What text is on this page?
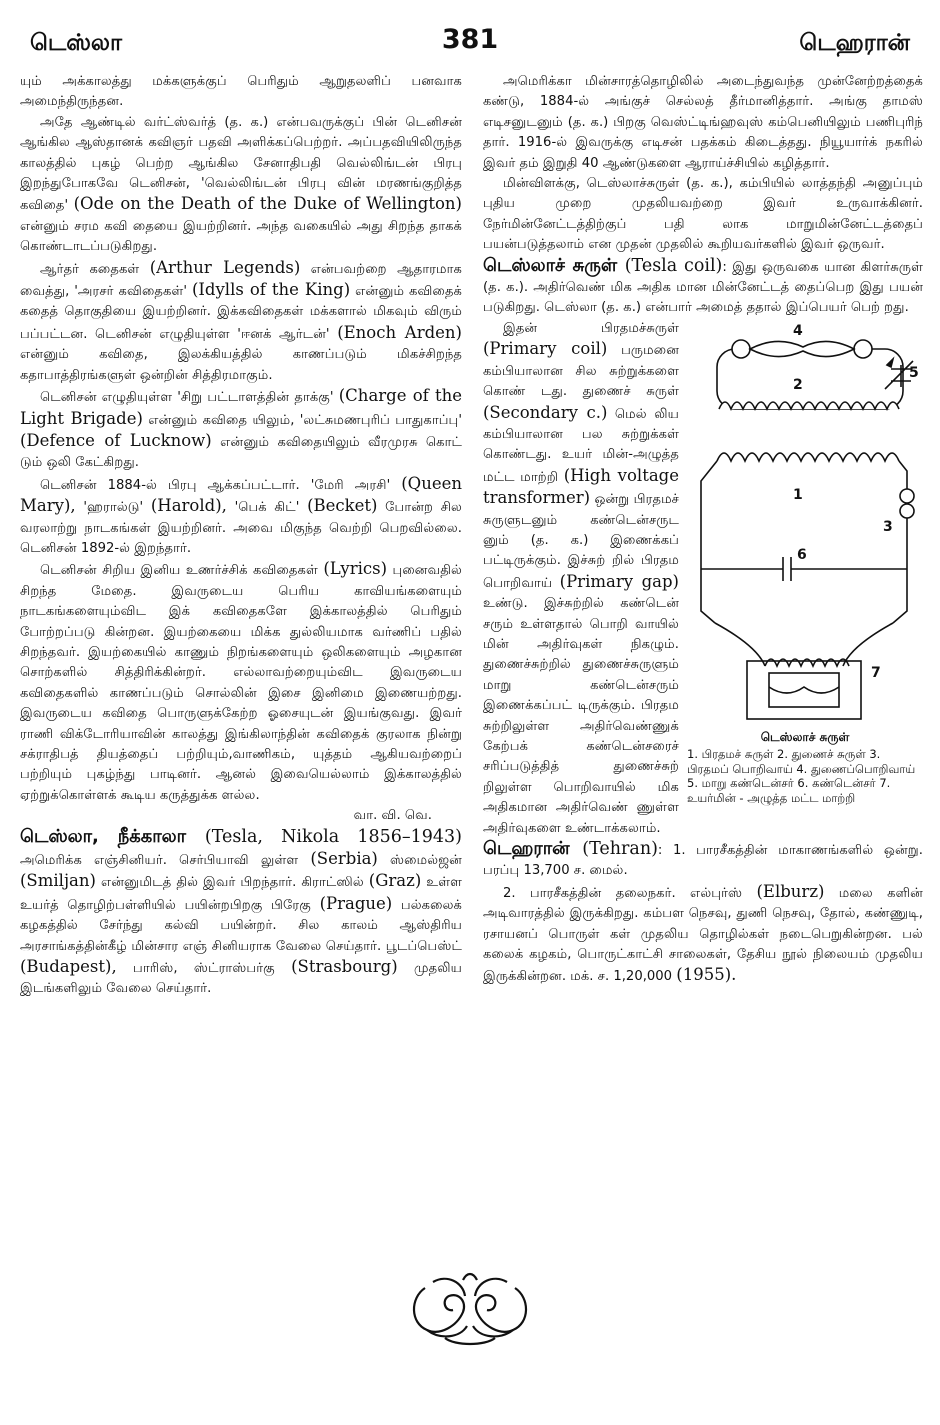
டெஸ்லா	381	டெஹரான்

யும் அக்காலத்து மக்களுக்குப் பெரிதும் ஆறுதலளிப் பனவாக அமைந்திருந்தன.

அதே ஆண்டில் வர்ட்ஸ்வர்த் (த. க.) என்பவருக்குப் பின் டெனிசன் ஆங்கில ஆஸ்தானக் கவிஞர் பதவி அளிக்கப்பெற்றர். அப்பதவியிலிருந்த காலத்தில் புகழ் பெற்ற ஆங்கில சேனாதிபதி வெல்லிங்டன் பிரபு இறந்துபோகவே டெனிசன், 'வெல்லிங்டன் பிரபு வின் மரணங்குறித்த கவிதை' (Ode on the Death of the Duke of Wellington) என்னும் சரம கவி தையை இயற்றினர். அந்த வகையில் அது சிறந்த தாகக் கொண்டாடப்படுகிறது.

ஆர்தர் கதைகள் (Arthur Legends) என்பவற்றை ஆதாரமாக வைத்து, 'அரசர் கவிதைகள்' (Idylls of the King) என்னும் கவிதைக் கதைத் தொகுதியை இயற்றினர். இக்கவிதைகள் மக்களால் மிகவும் விரும் பப்பட்டன. டெனிசன் எழுதியுள்ள 'ஈனக் ஆர்டன்' (Enoch Arden) என்னும் கவிதை, இலக்கியத்தில் காணப்படும் மிகச்சிறந்த கதாபாத்திரங்களுள் ஒன்றின் சித்திரமாகும்.

டெனிசன் எழுதியுள்ள 'சிறு பட்டாளத்தின் தாக்கு' (Charge of the Light Brigade) என்னும் கவிதை யிலும், 'லட்சுமணபுரிப் பாதுகாப்பு' (Defence of Lucknow) என்னும் கவிதையிலும் வீரமுரசு கொட் டும் ஒலி கேட்கிறது.

டெனிசன் 1884-ல் பிரபு ஆக்கப்பட்டார். 'மேரி அரசி' (Queen Mary), 'ஹரால்டு' (Harold), 'பெக் கிட்' (Becket) போன்ற சில வரலாற்று நாடகங்கள் இயற்றினர். அவை மிகுந்த வெற்றி பெறவில்லை. டெனிசன் 1892-ல் இறந்தார்.

டெனிசன் சிறிய இனிய உணர்ச்சிக் கவிதைகள் (Lyrics) புனைவதில் சிறந்த மேதை. இவருடைய பெரிய காவியங்களையும் நாடகங்களையும்விட இக் கவிதைகளே இக்காலத்தில் பெரிதும் போற்றப்படு கின்றன. இயற்கையை மிக்க துல்லியமாக வர்ணிப் பதில் சிறந்தவர். இயற்கையில் காணும் நிறங்களையும் ஒலிகளையும் அழகான சொற்களில் சித்திரிக்கின்றர். எல்லாவற்றையும்விட இவருடைய கவிதைகளில் காணப்படும் சொல்லின் இசை இனிமை இணையற்றது. இவருடைய கவிதை பொருளுக்கேற்ற ஓசையுடன் இயங்குவது. இவர் ராணி விக்டோரியாவின் காலத்து இங்கிலாந்தின் கவிதைக் குரலாக நின்று சக்ராதிபத் தியத்தைப் பற்றியும்,வாணிகம், யுத்தம் ஆகியவற்றைப் பற்றியும் புகழ்ந்து பாடினர். ஆனல் இவையெல்லாம் இக்காலத்தில் ஏற்றுக்கொள்ளக் கூடிய கருத்துக்க ளல்ல.

வா. வி. வெ.

டெஸ்லா, நீக்காலா (Tesla, Nikola 1856–1943) அமெரிக்க எஞ்சினியர். செர்பியாவி லுள்ள (Serbia) ஸ்மைல்ஜன் (Smiljan) என்னுமிடத் தில் இவர் பிறந்தார். கிராட்ஸில் (Graz) உள்ள உயர்த் தொழிற்பள்ளியில் பயின்றபிறகு பிரேகு (Prague) பல்கலைக் கழகத்தில் சேர்ந்து கல்வி பயின்றர். சில காலம் ஆஸ்திரிய அரசாங்கத்தின்கீழ் மின்சார எஞ் சினியராக வேலை செய்தார். பூடப்பெஸ்ட் (Budapest), பாரிஸ், ஸ்ட்ராஸ்பர்கு (Strasbourg) முதலிய இடங்களிலும் வேலை செய்தார்.

அமெரிக்கா மின்சாரத்தொழிலில் அடைந்துவந்த முன்னேற்றத்தைக் கண்டு, 1884-ல் அங்குச் செல்லத் தீர்மானித்தார். அங்கு தாமஸ் எடிசனுடனும் (த. க.) பிறகு வெஸ்ட்டிங்ஹவுஸ் கம்பெனியிலும் பணிபுரிந் தார். 1916-ல் இவருக்கு எடிசன் பதக்கம் கிடைத்தது. நியூயார்க் நகரில் இவர் தம் இறுதி 40 ஆண்டுகளை ஆராய்ச்சியில் கழித்தார்.

மின்விளக்கு, டெஸ்லாச்சுருள் (த. க.), கம்பியில் லாத்தந்தி அனுப்பும் புதிய முறை முதலியவற்றை இவர் உருவாக்கினர். நேர்மின்னேட்டத்திற்குப் பதி லாக மாறுமின்னேட்டத்தைப் பயன்படுத்தலாம் என முதன் முதலில் கூறியவர்களில் இவர் ஒருவர்.

டெஸ்லாச் சுருள் (Tesla coil): இது ஒருவகை யான கிளர்சுருள் (த. க.). அதிர்வெண் மிக அதிக மான மின்னேட்டத் தைப்பெற இது பயன் படுகிறது. டெஸ்லா (த. க.) என்பார் அமைத் ததால் இப்பெயர் பெற் றது.

4
5
2
1
3
6
7
டெஸ்லாச் சுருள்
1. பிரதமச் சுருள் 2. துணைச் சுருள் 3. பிரதமப் பொறிவாய் 4. துணைப்பொறிவாய் 5. மாறு கண்டென்சர் 6. கண்டென்சர் 7. உயர்மின் - அழுத்த மட்ட மாற்றி

இதன் பிரதமச்சுருள் (Primary coil) பருமனை கம்பியாலான சில சுற்றுக்களை கொண் டது. துணைச் சுருள் (Secondary c.) மெல் லிய கம்பியாலான பல சுற்றுக்கள் கொண்டது. உயர் மின்-அழுத்த மட்ட மாற்றி (High voltage transformer) ஒன்று பிரதமச் சுருளுடனும் கண்டென்சருட னும் (த. க.) இணைக்கப் பட்டிருக்கும். இச்சுற் றில் பிரதம பொறிவாய் (Primary gap) உண்டு. இச்சுற்றில் கண்டென் சரும் உள்ளதால் பொறி வாயில் மின் அதிர்வுகள் நிகழும். துணைச்சுற்றில் துணைச்சுருளும் மாறு கண்டென்சரும் இணைக்கப்பட் டிருக்கும். பிரதம சுற்றிலுள்ள அதிர்வெண்ணுக் கேற்பக் கண்டென்சரைச் சரிப்படுத்தித் துணைச்சுற் றிலுள்ள பொறிவாயில் மிக அதிகமான அதிர்வெண் ணுள்ள அதிர்வுகளை உண்டாக்கலாம்.

டெஹரான் (Tehran): 1. பாரசீகத்தின் மாகாணங்களில் ஒன்று. பரப்பு 13,700 ச. மைல்.

2. பாரசீகத்தின் தலைநகர். எல்புர்ஸ் (Elburz) மலை களின் அடிவாரத்தில் இருக்கிறது. கம்பள நெசவு, துணி நெசவு, தோல், கண்ணுடி, ரசாயனப் பொருள் கள் முதலிய தொழில்கள் நடைபெறுகின்றன. பல் கலைக் கழகம், பொருட்காட்சி சாலைகள், தேசிய நூல் நிலையம் முதலிய இருக்கின்றன. மக். ச. 1,20,000 (1955).
